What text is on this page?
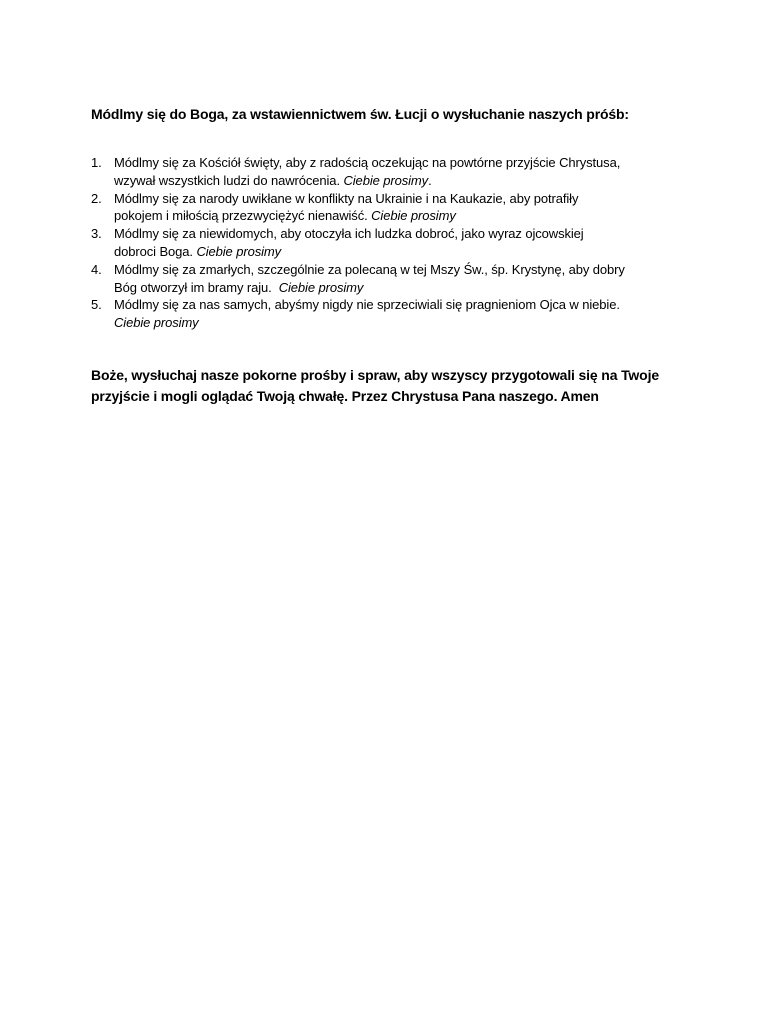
Módlmy się do Boga, za wstawiennictwem św. Łucji o wysłuchanie naszych próśb:

1. Módlmy się za Kościół święty, aby z radością oczekując na powtórne przyjście Chrystusa,
wzywał wszystkich ludzi do nawrócenia. Ciebie prosimy.
2. Módlmy się za narody uwikłane w konflikty na Ukrainie i na Kaukazie, aby potrafiły
pokojem i miłością przezwyciężyć nienawiść. Ciebie prosimy
3. Módlmy się za niewidomych, aby otoczyła ich ludzka dobroć, jako wyraz ojcowskiej
dobroci Boga. Ciebie prosimy
4. Módlmy się za zmarłych, szczególnie za polecaną w tej Mszy Św., śp. Krystynę, aby dobry
Bóg otworzył im bramy raju. Ciebie prosimy
5. Módlmy się za nas samych, abyśmy nigdy nie sprzeciwiali się pragnieniom Ojca w niebie.
Ciebie prosimy

Boże, wysłuchaj nasze pokorne prośby i spraw, aby wszyscy przygotowali się na Twoje
przyjście i mogli oglądać Twoją chwałę. Przez Chrystusa Pana naszego. Amen
